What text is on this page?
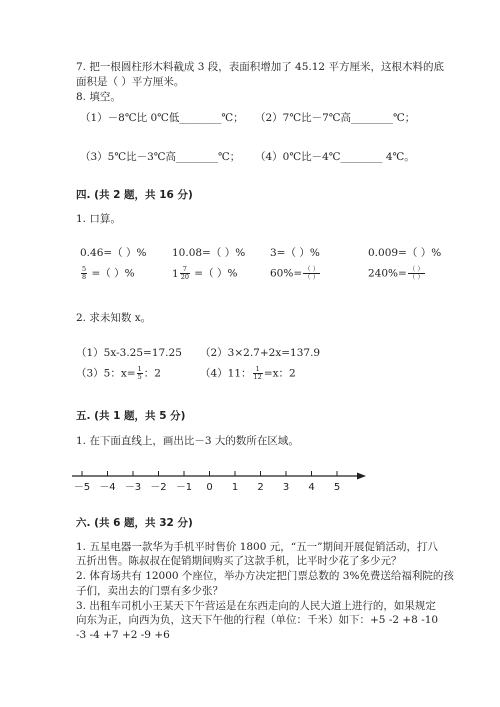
7. 把一根圆柱形木料截成 3 段，表面积增加了 45.12 平方厘米，这根木料的底
面积是（ ）平方厘米。
8. 填空。
（1）－8℃比 0℃低________℃； （2）7℃比－7℃高________℃；
（3）5℃比－3℃高________℃； （4）0℃比－4℃________ 4℃。
四. (共 2 题，共 16 分)
1. 口算。
0.46=（ ）% 10.08=（ ）% 3=（ ）%	0.009=（ ）%
$\frac{5}{8}$ =（ ）%	$1 \frac{7}{20}$ =（ ）%	$60\%= \frac{( )}{( )}$	$240\%= \frac{( )}{( )}$
2. 求未知数 x。
（1）5x-3.25=17.25 （2）3×2.7+2x=137.9
（3）5：$x= \frac{1}{5}$ ：2	（4）11： $\frac{1}{12} =x$：2
五. (共 1 题，共 5 分)
1. 在下面直线上，画出比－3 大的数所在区域。
－5 －4 －3 －2 －1 0 1 2 3 4 5
六. (共 6 题，共 32 分)
1. 五星电器一款华为手机平时售价 1800 元，“五一”期间开展促销活动，打八
五折出售。陈叔叔在促销期间购买了这款手机，比平时少花了多少元？
2. 体育场共有 12000 个座位，举办方决定把门票总数的 3%免费送给福利院的孩
子们，卖出去的门票有多少张？
3. 出租车司机小王某天下午营运是在东西走向的人民大道上进行的，如果规定
向东为正，向西为负，这天下午他的行程（单位：千米）如下：+5 -2 +8 -10
-3 -4 +7 +2 -9 +6
